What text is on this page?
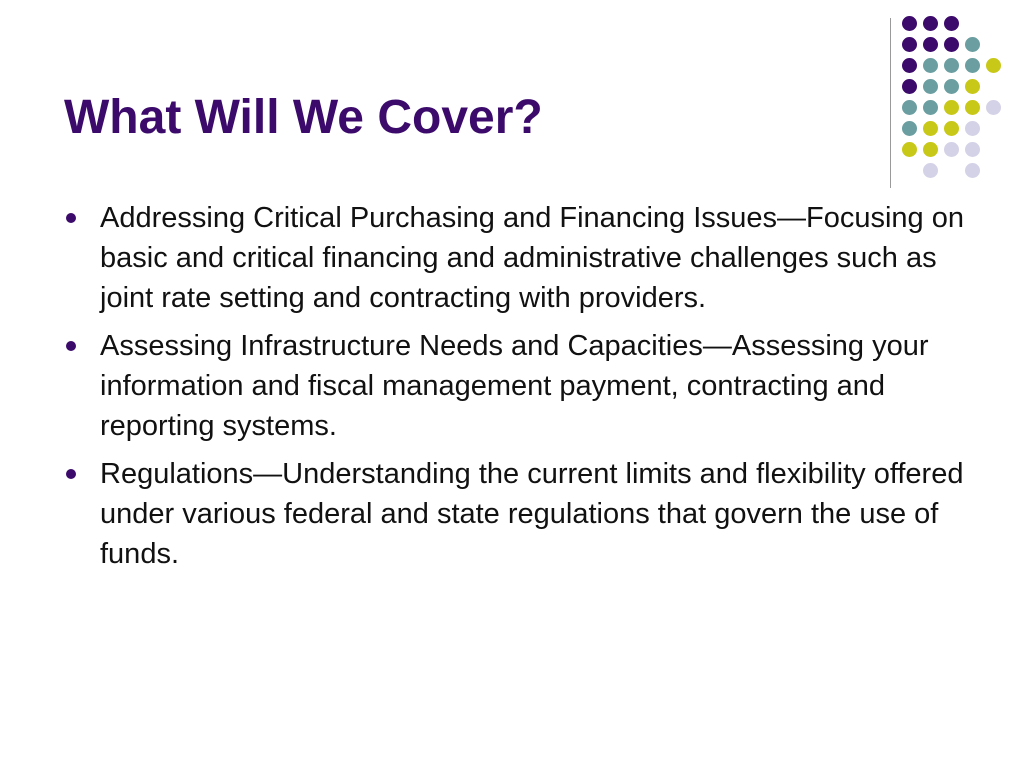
What Will We Cover?
Addressing Critical Purchasing and Financing Issues—Focusing on basic and critical financing and administrative challenges such as joint rate setting and contracting with providers.
Assessing Infrastructure Needs and Capacities—Assessing your information and fiscal management payment, contracting and reporting systems.
Regulations—Understanding the current limits and flexibility offered under various federal and state regulations that govern the use of funds.
